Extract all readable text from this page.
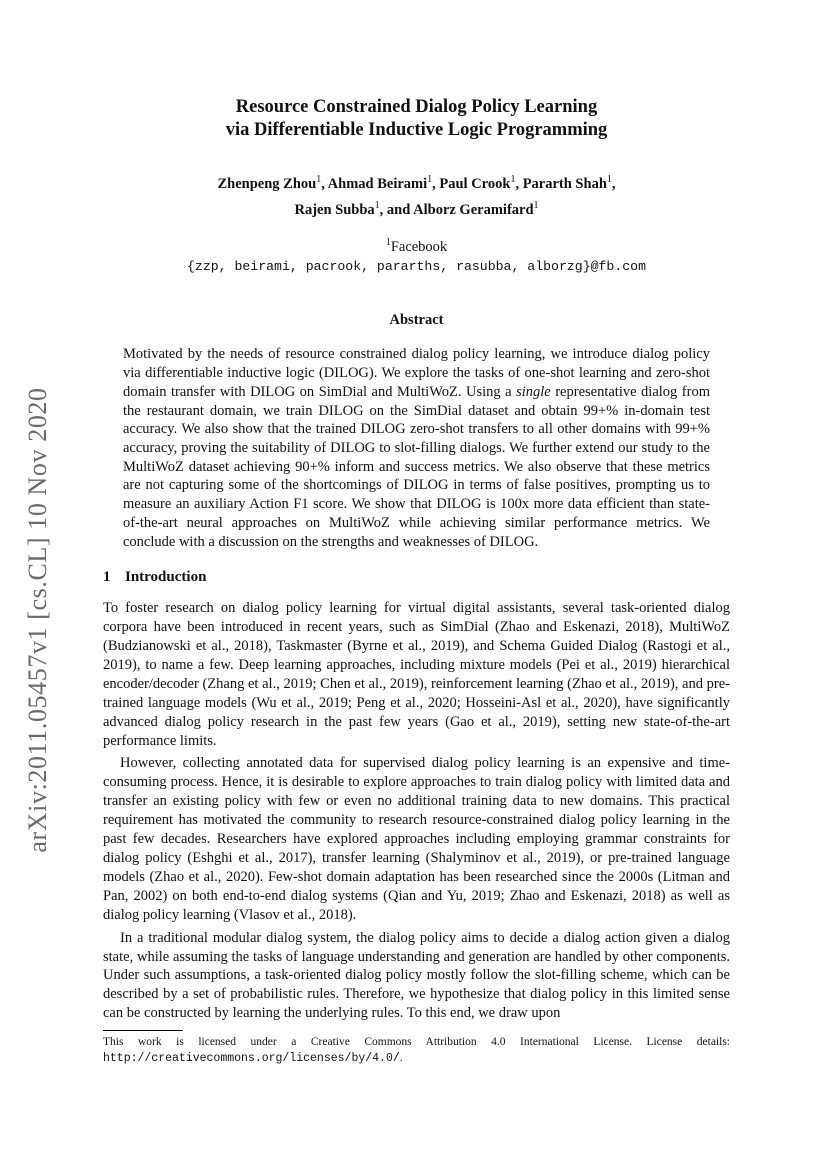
arXiv:2011.05457v1 [cs.CL] 10 Nov 2020
Resource Constrained Dialog Policy Learning
via Differentiable Inductive Logic Programming
Zhenpeng Zhou$^1$, Ahmad Beirami$^1$, Paul Crook$^1$, Pararth Shah$^1$,
Rajen Subba$^1$, and Alborz Geramifard$^1$
$^1$Facebook
{zzp, beirami, pacrook, pararths, rasubba, alborzg}@fb.com
Abstract

Motivated by the needs of resource constrained dialog policy learning, we introduce dialog policy via differentiable inductive logic (DILOG). We explore the tasks of one-shot learning and zero-shot domain transfer with DILOG on SimDial and MultiWoZ. Using a single representative dialog from the restaurant domain, we train DILOG on the SimDial dataset and obtain 99+% in-domain test accuracy. We also show that the trained DILOG zero-shot transfers to all other domains with 99+% accuracy, proving the suitability of DILOG to slot-filling dialogs. We further extend our study to the MultiWoZ dataset achieving 90+% inform and success metrics. We also observe that these metrics are not capturing some of the shortcomings of DILOG in terms of false positives, prompting us to measure an auxiliary Action F1 score. We show that DILOG is 100x more data efficient than state-of-the-art neural approaches on MultiWoZ while achieving similar performance metrics. We conclude with a discussion on the strengths and weaknesses of DILOG.

1 Introduction

To foster research on dialog policy learning for virtual digital assistants, several task-oriented dialog corpora have been introduced in recent years, such as SimDial (Zhao and Eskenazi, 2018), MultiWoZ (Budzianowski et al., 2018), Taskmaster (Byrne et al., 2019), and Schema Guided Dialog (Rastogi et al., 2019), to name a few. Deep learning approaches, including mixture models (Pei et al., 2019) hierarchical encoder/decoder (Zhang et al., 2019; Chen et al., 2019), reinforcement learning (Zhao et al., 2019), and pre-trained language models (Wu et al., 2019; Peng et al., 2020; Hosseini-Asl et al., 2020), have significantly advanced dialog policy research in the past few years (Gao et al., 2019), setting new state-of-the-art performance limits.

However, collecting annotated data for supervised dialog policy learning is an expensive and time-consuming process. Hence, it is desirable to explore approaches to train dialog policy with limited data and transfer an existing policy with few or even no additional training data to new domains. This practical requirement has motivated the community to research resource-constrained dialog policy learning in the past few decades. Researchers have explored approaches including employing grammar constraints for dialog policy (Eshghi et al., 2017), transfer learning (Shalyminov et al., 2019), or pre-trained language models (Zhao et al., 2020). Few-shot domain adaptation has been researched since the 2000s (Litman and Pan, 2002) on both end-to-end dialog systems (Qian and Yu, 2019; Zhao and Eskenazi, 2018) as well as dialog policy learning (Vlasov et al., 2018).

In a traditional modular dialog system, the dialog policy aims to decide a dialog action given a dialog state, while assuming the tasks of language understanding and generation are handled by other components. Under such assumptions, a task-oriented dialog policy mostly follow the slot-filling scheme, which can be described by a set of probabilistic rules. Therefore, we hypothesize that dialog policy in this limited sense can be constructed by learning the underlying rules. To this end, we draw upon

This work is licensed under a Creative Commons Attribution 4.0 International License. License details: http://creativecommons.org/licenses/by/4.0/.
